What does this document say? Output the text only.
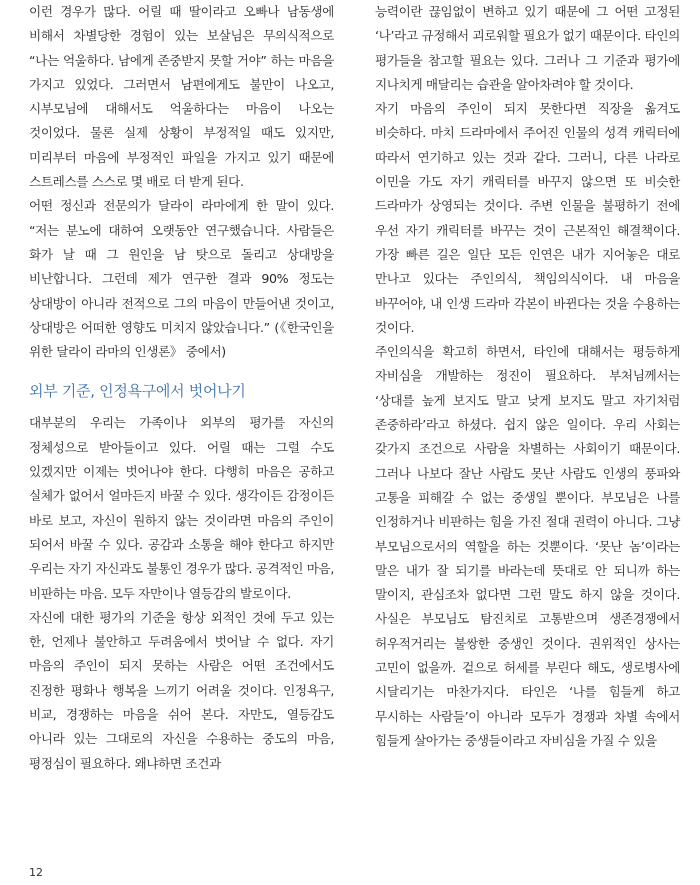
이런 경우가 많다. 어릴 때 딸이라고 오빠나 남동생에 비해서 차별당한 경험이 있는 보살님은 무의식적으로 “나는 억울하다. 남에게 존중받지 못할 거야” 하는 마음을 가지고 있었다. 그러면서 남편에게도 불만이 나오고, 시부모님에 대해서도 억울하다는 마음이 나오는 것이었다. 물론 실제 상황이 부정적일 때도 있지만, 미리부터 마음에 부정적인 파일을 가지고 있기 때문에 스트레스를 스스로 몇 배로 더 받게 된다.

어떤 정신과 전문의가 달라이 라마에게 한 말이 있다. “저는 분노에 대하여 오랫동안 연구했습니다. 사람들은 화가 날 때 그 원인을 남 탓으로 돌리고 상대방을 비난합니다. 그런데 제가 연구한 결과 90% 정도는 상대방이 아니라 전적으로 그의 마음이 만들어낸 것이고, 상대방은 어떠한 영향도 미치지 않았습니다.” (《한국인을 위한 달라이 라마의 인생론》 중에서)

외부 기준, 인정욕구에서 벗어나기

대부분의 우리는 가족이나 외부의 평가를 자신의 정체성으로 받아들이고 있다. 어릴 때는 그럴 수도 있겠지만 이제는 벗어나야 한다. 다행히 마음은 공하고 실체가 없어서 얼마든지 바꿀 수 있다. 생각이든 감정이든 바로 보고, 자신이 원하지 않는 것이라면 마음의 주인이 되어서 바꿀 수 있다. 공감과 소통을 해야 한다고 하지만 우리는 자기 자신과도 불통인 경우가 많다. 공격적인 마음, 비판하는 마음. 모두 자만이나 열등감의 발로이다.

자신에 대한 평가의 기준을 항상 외적인 것에 두고 있는 한, 언제나 불안하고 두려움에서 벗어날 수 없다. 자기 마음의 주인이 되지 못하는 사람은 어떤 조건에서도 진정한 평화나 행복을 느끼기 어려울 것이다. 인정욕구, 비교, 경쟁하는 마음을 쉬어 본다. 자만도, 열등감도 아니라 있는 그대로의 자신을 수용하는 중도의 마음, 평정심이 필요하다. 왜냐하면 조건과

능력이란 끊임없이 변하고 있기 때문에 그 어떤 고정된 ‘나’라고 규정해서 괴로워할 필요가 없기 때문이다. 타인의 평가들을 참고할 필요는 있다. 그러나 그 기준과 평가에 지나치게 매달리는 습관을 알아차려야 할 것이다.

자기 마음의 주인이 되지 못한다면 직장을 옮겨도 비슷하다. 마치 드라마에서 주어진 인물의 성격 캐릭터에 따라서 연기하고 있는 것과 같다. 그러니, 다른 나라로 이민을 가도 자기 캐릭터를 바꾸지 않으면 또 비슷한 드라마가 상영되는 것이다. 주변 인물을 불평하기 전에 우선 자기 캐릭터를 바꾸는 것이 근본적인 해결책이다. 가장 빠른 길은 일단 모든 인연은 내가 지어놓은 대로 만나고 있다는 주인의식, 책임의식이다. 내 마음을 바꾸어야, 내 인생 드라마 각본이 바뀐다는 것을 수용하는 것이다.

주인의식을 확고히 하면서, 타인에 대해서는 평등하게 자비심을 개발하는 정진이 필요하다. 부처님께서는 ‘상대를 높게 보지도 말고 낮게 보지도 말고 자기처럼 존중하라’라고 하셨다. 쉽지 않은 일이다. 우리 사회는 갖가지 조건으로 사람을 차별하는 사회이기 때문이다. 그러나 나보다 잘난 사람도 못난 사람도 인생의 풍파와 고통을 피해갈 수 없는 중생일 뿐이다. 부모님은 나를 인정하거나 비판하는 힘을 가진 절대 권력이 아니다. 그냥 부모님으로서의 역할을 하는 것뿐이다. ‘못난 놈’이라는 말은 내가 잘 되기를 바라는데 뜻대로 안 되니까 하는 말이지, 관심조차 없다면 그런 말도 하지 않을 것이다. 사실은 부모님도 탐진치로 고통받으며 생존경쟁에서 허우적거리는 불쌍한 중생인 것이다. 권위적인 상사는 고민이 없을까. 겉으로 허세를 부린다 해도, 생로병사에 시달리기는 마찬가지다. 타인은 ‘나를 힘들게 하고 무시하는 사람들’이 아니라 모두가 경쟁과 차별 속에서 힘들게 살아가는 중생들이라고 자비심을 가질 수 있을

12
